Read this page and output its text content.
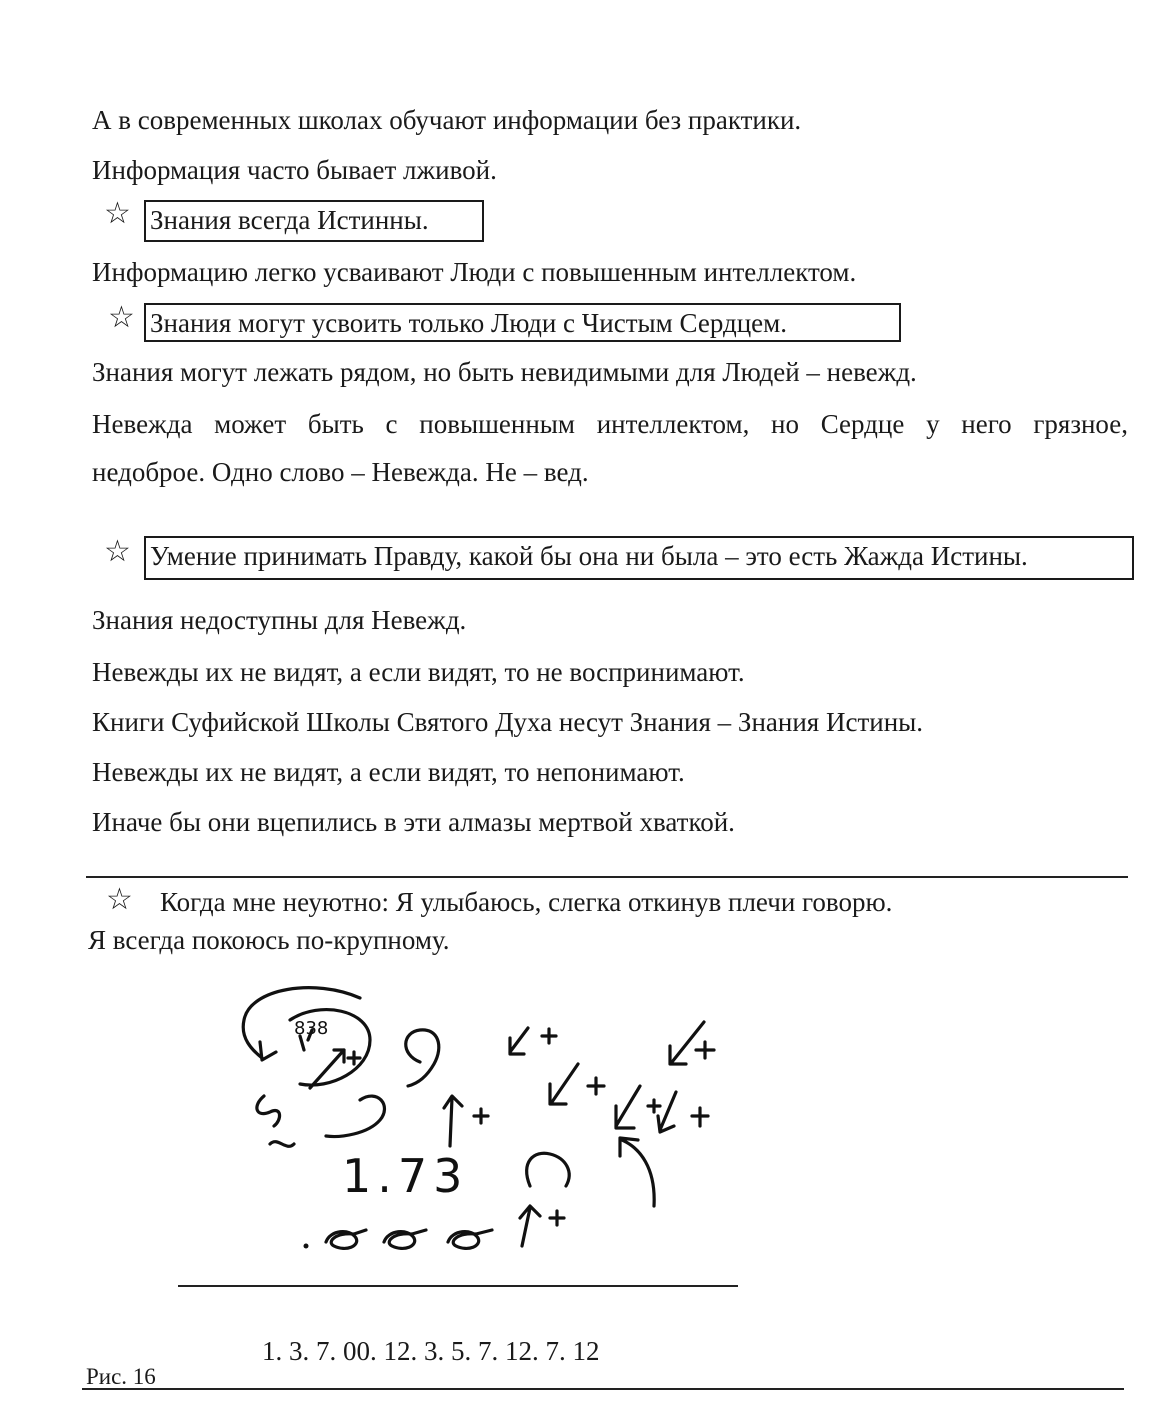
А в современных школах обучают информации без практики.

Информация часто бывает лживой.

☆ Знания всегда Истинны.

Информацию легко усваивают Люди с повышенным интеллектом.

☆ Знания могут усвоить только Люди с Чистым Сердцем.

Знания могут лежать рядом, но быть невидимыми для Людей – невежд.

Невежда может быть с повышенным интеллектом, но Сердце у него грязное,

недоброе. Одно слово – Невежда. Не – вед.

☆ Умение принимать Правду, какой бы она ни была – это есть Жажда Истины.

Знания недоступны для Невежд.

Невежды их не видят, а если видят, то не воспринимают.

Книги Суфийской Школы Святого Духа несут Знания – Знания Истины.

Невежды их не видят, а если видят, то непонимают.

Иначе бы они вцепились в эти алмазы мертвой хваткой.

☆ Когда мне неуютно: Я улыбаюсь, слегка откинув плечи говорю.

Я всегда покоюсь по-крупному.

838
1.73

1. 3. 7. 00. 12. 3. 5. 7. 12. 7. 12

Рис. 16
